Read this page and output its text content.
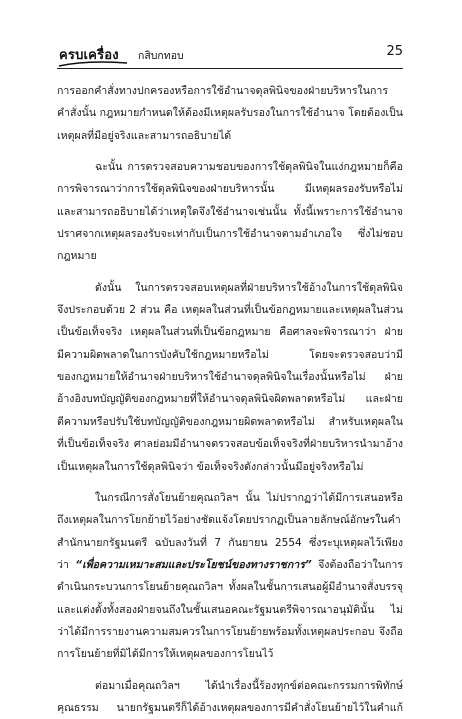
ครบเครื่อง กสิบกทอบ	25
การออกคำสั่งทางปกครองหรือการใช้อำนาจดุลพินิจของฝ่ายบริหารในการ
คำสั่งนั้น กฎหมายกำหนดให้ต้องมีเหตุผลรับรองในการใช้อำนาจ โดยต้องเป็น
เหตุผลที่มีอยู่จริงและสามารถอธิบายได้
ฉะนั้น การตรวจสอบความชอบของการใช้ดุลพินิจในแง่กฎหมายก็คือ
การพิจารณาว่าการใช้ดุลพินิจของฝ่ายบริหารนั้น มีเหตุผลรองรับหรือไม่
และสามารถอธิบายได้ว่าเหตุใดจึงใช้อำนาจเช่นนั้น ทั้งนี้เพราะการใช้อำนาจ
ปราศจากเหตุผลรองรับจะเท่ากับเป็นการใช้อำนาจตามอำเภอใจ ซึ่งไม่ชอบ
กฎหมาย
ดังนั้น ในการตรวจสอบเหตุผลที่ฝ่ายบริหารใช้อ้างในการใช้ดุลพินิจ
จึงประกอบด้วย 2 ส่วน คือ เหตุผลในส่วนที่เป็นข้อกฎหมายและเหตุผลในส่วน
เป็นข้อเท็จจริง เหตุผลในส่วนที่เป็นข้อกฎหมาย คือศาลจะพิจารณาว่า ฝ่าย
มีความผิดพลาดในการบังคับใช้กฎหมายหรือไม่ โดยจะตรวจสอบว่ามี
ของกฎหมายให้อำนาจฝ่ายบริหารใช้อำนาจดุลพินิจในเรื่องนั้นหรือไม่ ฝ่าย
อ้างอิงบทบัญญัติของกฎหมายที่ให้อำนาจดุลพินิจผิดพลาดหรือไม่ และฝ่าย
ตีความหรือปรับใช้บทบัญญัติของกฎหมายผิดพลาดหรือไม่ สำหรับเหตุผลใน
ที่เป็นข้อเท็จจริง ศาลย่อมมีอำนาจตรวจสอบข้อเท็จจริงที่ฝ่ายบริหารนำมาอ้าง
เป็นเหตุผลในการใช้ดุลพินิจว่า ข้อเท็จจริงดังกล่าวนั้นมีอยู่จริงหรือไม่
ในกรณีการสั่งโยนย้ายคุณถวิลฯ นั้น ไม่ปรากฏว่าได้มีการเสนอหรือ
ถึงเหตุผลในการโยกย้ายไว้อย่างชัดแจ้งโดยปรากฏเป็นลายลักษณ์อักษรในคำ
สำนักนายกรัฐมนตรี ฉบับลงวันที่ 7 กันยายน 2554 ซึ่งระบุเหตุผลไว้เพียง
ว่า “เพื่อความเหมาะสมและประโยชน์ของทางราชการ” จึงต้องถือว่าในการ
ดำเนินกระบวนการโยนย้ายคุณถวิลฯ ทั้งผลในชั้นการเสนอผู้มีอำนาจสั่งบรรจุ
และแต่งตั้งทั้งสองฝ่ายจนถึงในชั้นเสนอคณะรัฐมนตรีพิจารณาอนุมัตินั้น ไม่
ว่าได้มีการรายงานความสมควรในการโยนย้ายพร้อมทั้งเหตุผลประกอบ จึงถือ
การโยนย้ายที่มิได้มีการให้เหตุผลของการโยนไว้
ต่อมาเมื่อคุณถวิลฯ ได้นำเรื่องนี้ร้องทุกข์ต่อคณะกรรมการพิทักษ์
คุณธรรม นายกรัฐมนตรีก็ได้อ้างเหตุผลของการมีคำสั่งโยนย้ายไว้ในคำแก้
